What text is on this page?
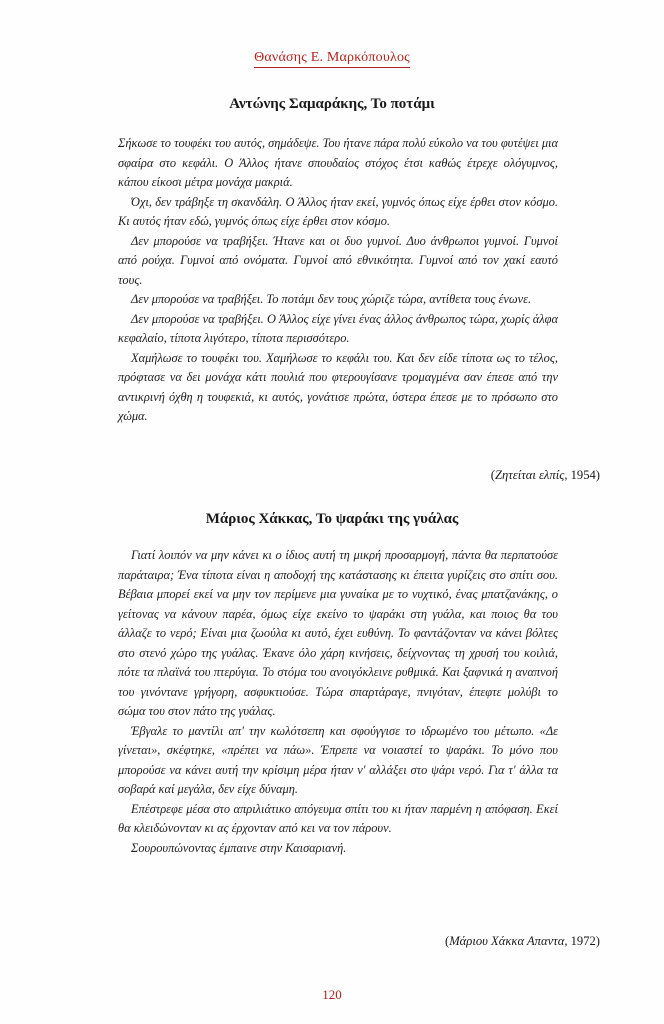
Θανάσης Ε. Μαρκόπουλος
Αντώνης Σαμαράκης, Το ποτάμι

Σήκωσε το τουφέκι του αυτός, σημάδεψε. Του ήτανε πάρα πολύ εύκολο να του φυτέψει μια σφαίρα στο κεφάλι. Ο Άλλος ήτανε σπουδαίος στόχος έτσι καθώς έτρεχε ολόγυμνος, κάπου είκοσι μέτρα μονάχα μακριά.

Όχι, δεν τράβηξε τη σκανδάλη. Ο Άλλος ήταν εκεί, γυμνός όπως είχε έρθει στον κόσμο. Κι αυτός ήταν εδώ, γυμνός όπως είχε έρθει στον κόσμο.

Δεν μπορούσε να τραβήξει. Ήτανε και οι δυο γυμνοί. Δυο άνθρωποι γυμνοί. Γυμνοί από ρούχα. Γυμνοί από ονόματα. Γυμνοί από εθνικότητα. Γυμνοί από τον χακί εαυτό τους.

Δεν μπορούσε να τραβήξει. Το ποτάμι δεν τους χώριζε τώρα, αντίθετα τους ένωνε.

Δεν μπορούσε να τραβήξει. Ο Άλλος είχε γίνει ένας άλλος άνθρωπος τώρα, χωρίς άλφα κεφαλαίο, τίποτα λιγότερο, τίποτα περισσότερο.

Χαμήλωσε το τουφέκι του. Χαμήλωσε το κεφάλι του. Και δεν είδε τίποτα ως το τέλος, πρόφτασε να δει μονάχα κάτι πουλιά που φτερουγίσανε τρομαγμένα σαν έπεσε από την αντικρινή όχθη η τουφεκιά, κι αυτός, γονάτισε πρώτα, ύστερα έπεσε με το πρόσωπο στο χώμα.

(Ζητείται ελπίς, 1954)
Μάριος Χάκκας, Το ψαράκι της γυάλας

Γιατί λοιπόν να μην κάνει κι ο ίδιος αυτή τη μικρή προσαρμογή, πάντα θα περπατούσε παράταιρα; Ένα τίποτα είναι η αποδοχή της κατάστασης κι έπειτα γυρίζεις στο σπίτι σου. Βέβαια μπορεί εκεί να μην τον περίμενε μια γυναίκα με το νυχτικό, ένας μπατζανάκης, ο γείτονας να κάνουν παρέα, όμως είχε εκείνο το ψαράκι στη γυάλα, και ποιος θα του άλλαζε το νερό; Είναι μια ζωούλα κι αυτό, έχει ευθύνη. Το φαντάζονταν να κάνει βόλτες στο στενό χώρο της γυάλας. Έκανε όλο χάρη κινήσεις, δείχνοντας τη χρυσή του κοιλιά, πότε τα πλαϊνά του πτερύγια. Το στόμα του ανοιγόκλεινε ρυθμικά. Και ξαφνικά η αναπνοή του γινόντανε γρήγορη, ασφυκτιούσε. Τώρα σπαρτάραγε, πνιγόταν, έπεφτε μολύβι το σώμα του στον πάτο της γυάλας.

Έβγαλε το μαντίλι απ' την κωλότσεπη και σφούγγισε το ιδρωμένο του μέτωπο. «Δε γίνεται», σκέφτηκε, «πρέπει να πάω». Έπρεπε να νοιαστεί το ψαράκι. Το μόνο που μπορούσε να κάνει αυτή την κρίσιμη μέρα ήταν ν' αλλάξει στο ψάρι νερό. Για τ' άλλα τα σοβαρά καί μεγάλα, δεν είχε δύναμη.

Επέστρεφε μέσα στο απριλιάτικο απόγευμα σπίτι του κι ήταν παρμένη η απόφαση. Εκεί θα κλειδώνονταν κι ας έρχονταν από κει να τον πάρουν.

Σουρουπώνοντας έμπαινε στην Καισαριανή.

(Μάριου Χάκκα Απαντα, 1972)
120
